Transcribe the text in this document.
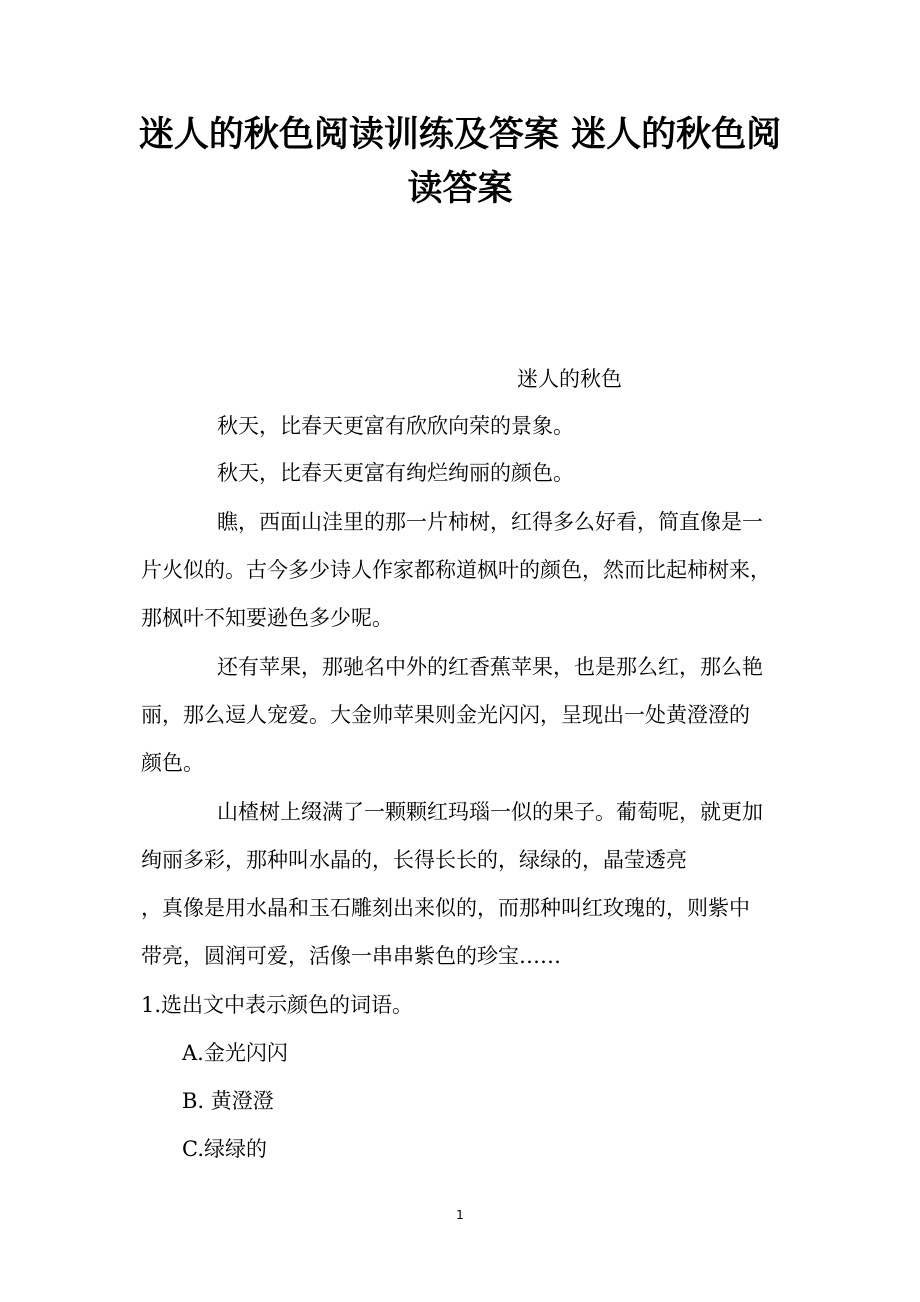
迷人的秋色阅读训练及答案 迷人的秋色阅
读答案
迷人的秋色
秋天，比春天更富有欣欣向荣的景象。
秋天，比春天更富有绚烂绚丽的颜色。
瞧，西面山洼里的那一片柿树，红得多么好看，简直像是一
片火似的。古今多少诗人作家都称道枫叶的颜色，然而比起柿树来，
那枫叶不知要逊色多少呢。
还有苹果，那驰名中外的红香蕉苹果，也是那么红，那么艳
丽，那么逗人宠爱。大金帅苹果则金光闪闪，呈现出一处黄澄澄的
颜色。
山楂树上缀满了一颗颗红玛瑙一似的果子。葡萄呢，就更加
绚丽多彩，那种叫水晶的，长得长长的，绿绿的，晶莹透亮
，真像是用水晶和玉石雕刻出来似的，而那种叫红玫瑰的，则紫中
带亮，圆润可爱，活像一串串紫色的珍宝……
1.选出文中表示颜色的词语。
A.金光闪闪
B. 黄澄澄
C.绿绿的
1
